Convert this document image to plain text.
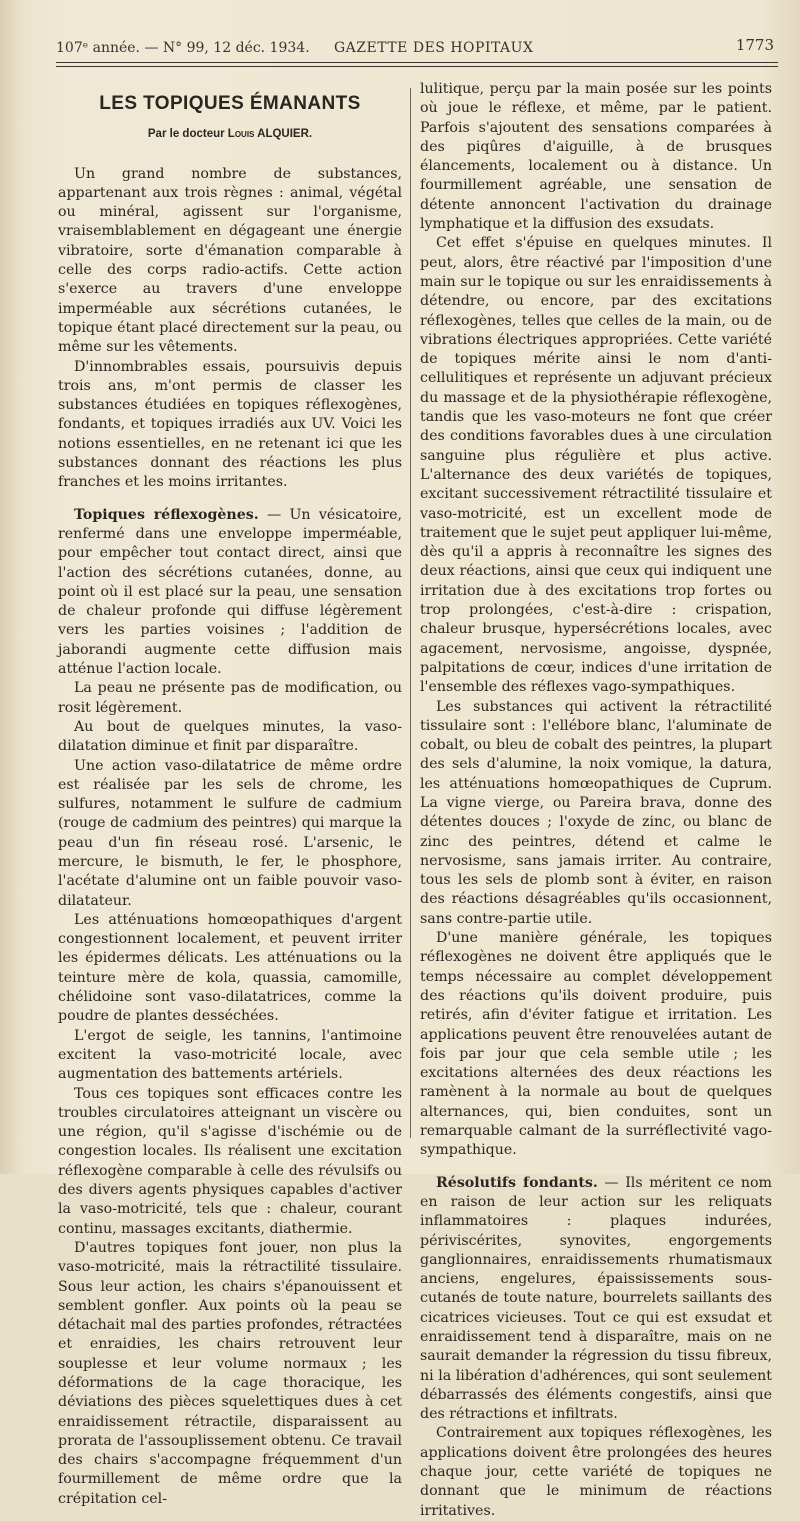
107ᵉ année. — N° 99, 12 déc. 1934. GAZETTE DES HOPITAUX	1773
LES TOPIQUES ÉMANANTS
Par le docteur Louis ALQUIER.

Un grand nombre de substances, appartenant aux trois règnes : animal, végétal ou minéral, agissent sur l'organisme, vraisemblablement en dégageant une énergie vibratoire, sorte d'émanation comparable à celle des corps radio-actifs. Cette action s'exerce au travers d'une enveloppe imperméable aux sécrétions cutanées, le topique étant placé directement sur la peau, ou même sur les vêtements.

D'innombrables essais, poursuivis depuis trois ans, m'ont permis de classer les substances étudiées en topiques réflexogènes, fondants, et topiques irradiés aux UV. Voici les notions essentielles, en ne retenant ici que les substances donnant des réactions les plus franches et les moins irritantes.

Topiques réflexogènes. — Un vésicatoire, renfermé dans une enveloppe imperméable, pour empêcher tout contact direct, ainsi que l'action des sécrétions cutanées, donne, au point où il est placé sur la peau, une sensation de chaleur profonde qui diffuse légèrement vers les parties voisines ; l'addition de jaborandi augmente cette diffusion mais atténue l'action locale.

La peau ne présente pas de modification, ou rosit légèrement.

Au bout de quelques minutes, la vaso-dilatation diminue et finit par disparaître.

Une action vaso-dilatatrice de même ordre est réalisée par les sels de chrome, les sulfures, notamment le sulfure de cadmium (rouge de cadmium des peintres) qui marque la peau d'un fin réseau rosé. L'arsenic, le mercure, le bismuth, le fer, le phosphore, l'acétate d'alumine ont un faible pouvoir vaso-dilatateur.

Les atténuations homœopathiques d'argent congestionnent localement, et peuvent irriter les épidermes délicats. Les atténuations ou la teinture mère de kola, quassia, camomille, chélidoine sont vaso-dilatatrices, comme la poudre de plantes desséchées.

L'ergot de seigle, les tannins, l'antimoine excitent la vaso-motricité locale, avec augmentation des battements artériels.

Tous ces topiques sont efficaces contre les troubles circulatoires atteignant un viscère ou une région, qu'il s'agisse d'ischémie ou de congestion locales. Ils réalisent une excitation réflexogène comparable à celle des révulsifs ou des divers agents physiques capables d'activer la vaso-motricité, tels que : chaleur, courant continu, massages excitants, diathermie.

D'autres topiques font jouer, non plus la vaso-motricité, mais la rétractilité tissulaire. Sous leur action, les chairs s'épanouissent et semblent gonfler. Aux points où la peau se détachait mal des parties profondes, rétractées et enraidies, les chairs retrouvent leur souplesse et leur volume normaux ; les déformations de la cage thoracique, les déviations des pièces squelettiques dues à cet enraidissement rétractile, disparaissent au prorata de l'assouplissement obtenu. Ce travail des chairs s'accompagne fréquemment d'un fourmillement de même ordre que la crépitation cel-

lulitique, perçu par la main posée sur les points où joue le réflexe, et même, par le patient. Parfois s'ajoutent des sensations comparées à des piqûres d'aiguille, à de brusques élancements, localement ou à distance. Un fourmillement agréable, une sensation de détente annoncent l'activation du drainage lymphatique et la diffusion des exsudats.

Cet effet s'épuise en quelques minutes. Il peut, alors, être réactivé par l'imposition d'une main sur le topique ou sur les enraidissements à détendre, ou encore, par des excitations réflexogènes, telles que celles de la main, ou de vibrations électriques appropriées. Cette variété de topiques mérite ainsi le nom d'anti-cellulitiques et représente un adjuvant précieux du massage et de la physiothérapie réflexogène, tandis que les vaso-moteurs ne font que créer des conditions favorables dues à une circulation sanguine plus régulière et plus active. L'alternance des deux variétés de topiques, excitant successivement rétractilité tissulaire et vaso-motricité, est un excellent mode de traitement que le sujet peut appliquer lui-même, dès qu'il a appris à reconnaître les signes des deux réactions, ainsi que ceux qui indiquent une irritation due à des excitations trop fortes ou trop prolongées, c'est-à-dire : crispation, chaleur brusque, hypersécrétions locales, avec agacement, nervosisme, angoisse, dyspnée, palpitations de cœur, indices d'une irritation de l'ensemble des réflexes vago-sympathiques.

Les substances qui activent la rétractilité tissulaire sont : l'ellébore blanc, l'aluminate de cobalt, ou bleu de cobalt des peintres, la plupart des sels d'alumine, la noix vomique, la datura, les atténuations homœopathiques de Cuprum. La vigne vierge, ou Pareira brava, donne des détentes douces ; l'oxyde de zinc, ou blanc de zinc des peintres, détend et calme le nervosisme, sans jamais irriter. Au contraire, tous les sels de plomb sont à éviter, en raison des réactions désagréables qu'ils occasionnent, sans contre-partie utile.

D'une manière générale, les topiques réflexogènes ne doivent être appliqués que le temps nécessaire au complet développement des réactions qu'ils doivent produire, puis retirés, afin d'éviter fatigue et irritation. Les applications peuvent être renouvelées autant de fois par jour que cela semble utile ; les excitations alternées des deux réactions les ramènent à la normale au bout de quelques alternances, qui, bien conduites, sont un remarquable calmant de la surréflectivité vago-sympathique.

Résolutifs fondants. — Ils méritent ce nom en raison de leur action sur les reliquats inflammatoires : plaques indurées, périviscérites, synovites, engorgements ganglionnaires, enraidissements rhumatismaux anciens, engelures, épaississements sous-cutanés de toute nature, bourrelets saillants des cicatrices vicieuses. Tout ce qui est exsudat et enraidissement tend à disparaître, mais on ne saurait demander la régression du tissu fibreux, ni la libération d'adhérences, qui sont seulement débarrassés des éléments congestifs, ainsi que des rétractions et infiltrats.

Contrairement aux topiques réflexogènes, les applications doivent être prolongées des heures chaque jour, cette variété de topiques ne donnant que le minimum de réactions irritatives.
